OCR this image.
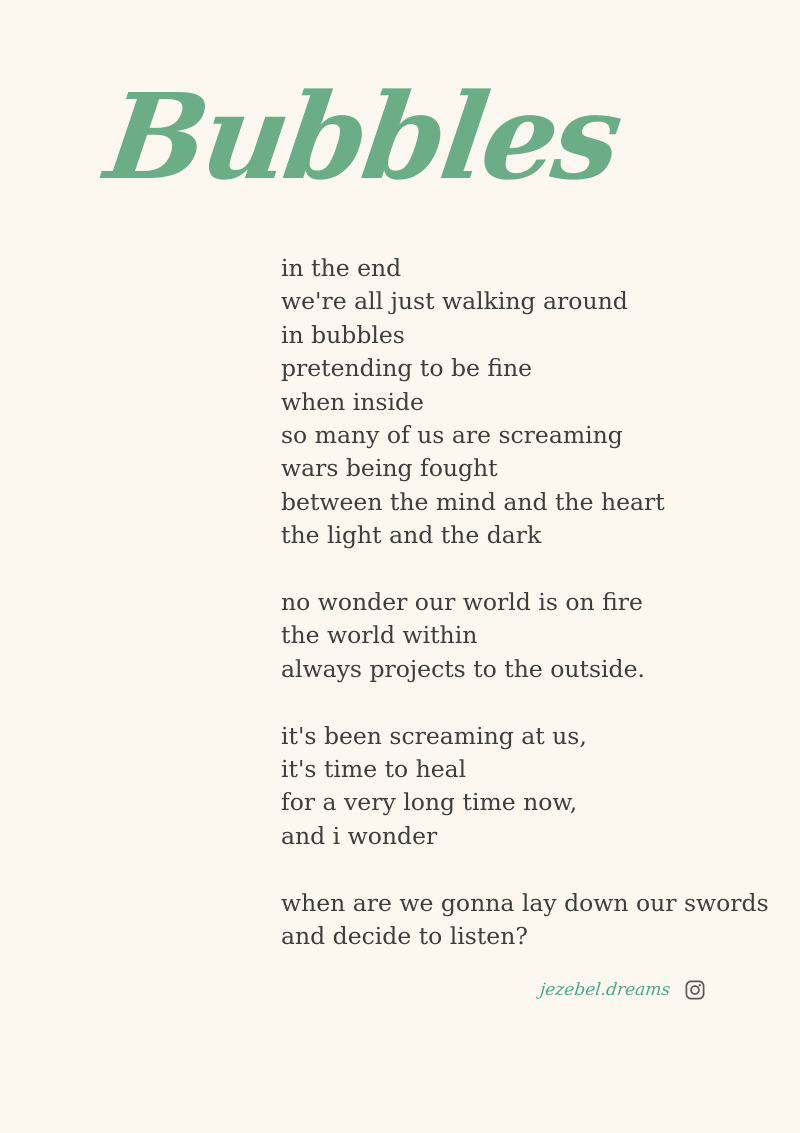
Bubbles
in the end
we're all just walking around
in bubbles
pretending to be fine
when inside
so many of us are screaming
wars being fought
between the mind and the heart
the light and the dark
no wonder our world is on fire
the world within
always projects to the outside.
it's been screaming at us,
it's time to heal
for a very long time now,
and i wonder
when are we gonna lay down our swords
and decide to listen?
jezebel.dreams
